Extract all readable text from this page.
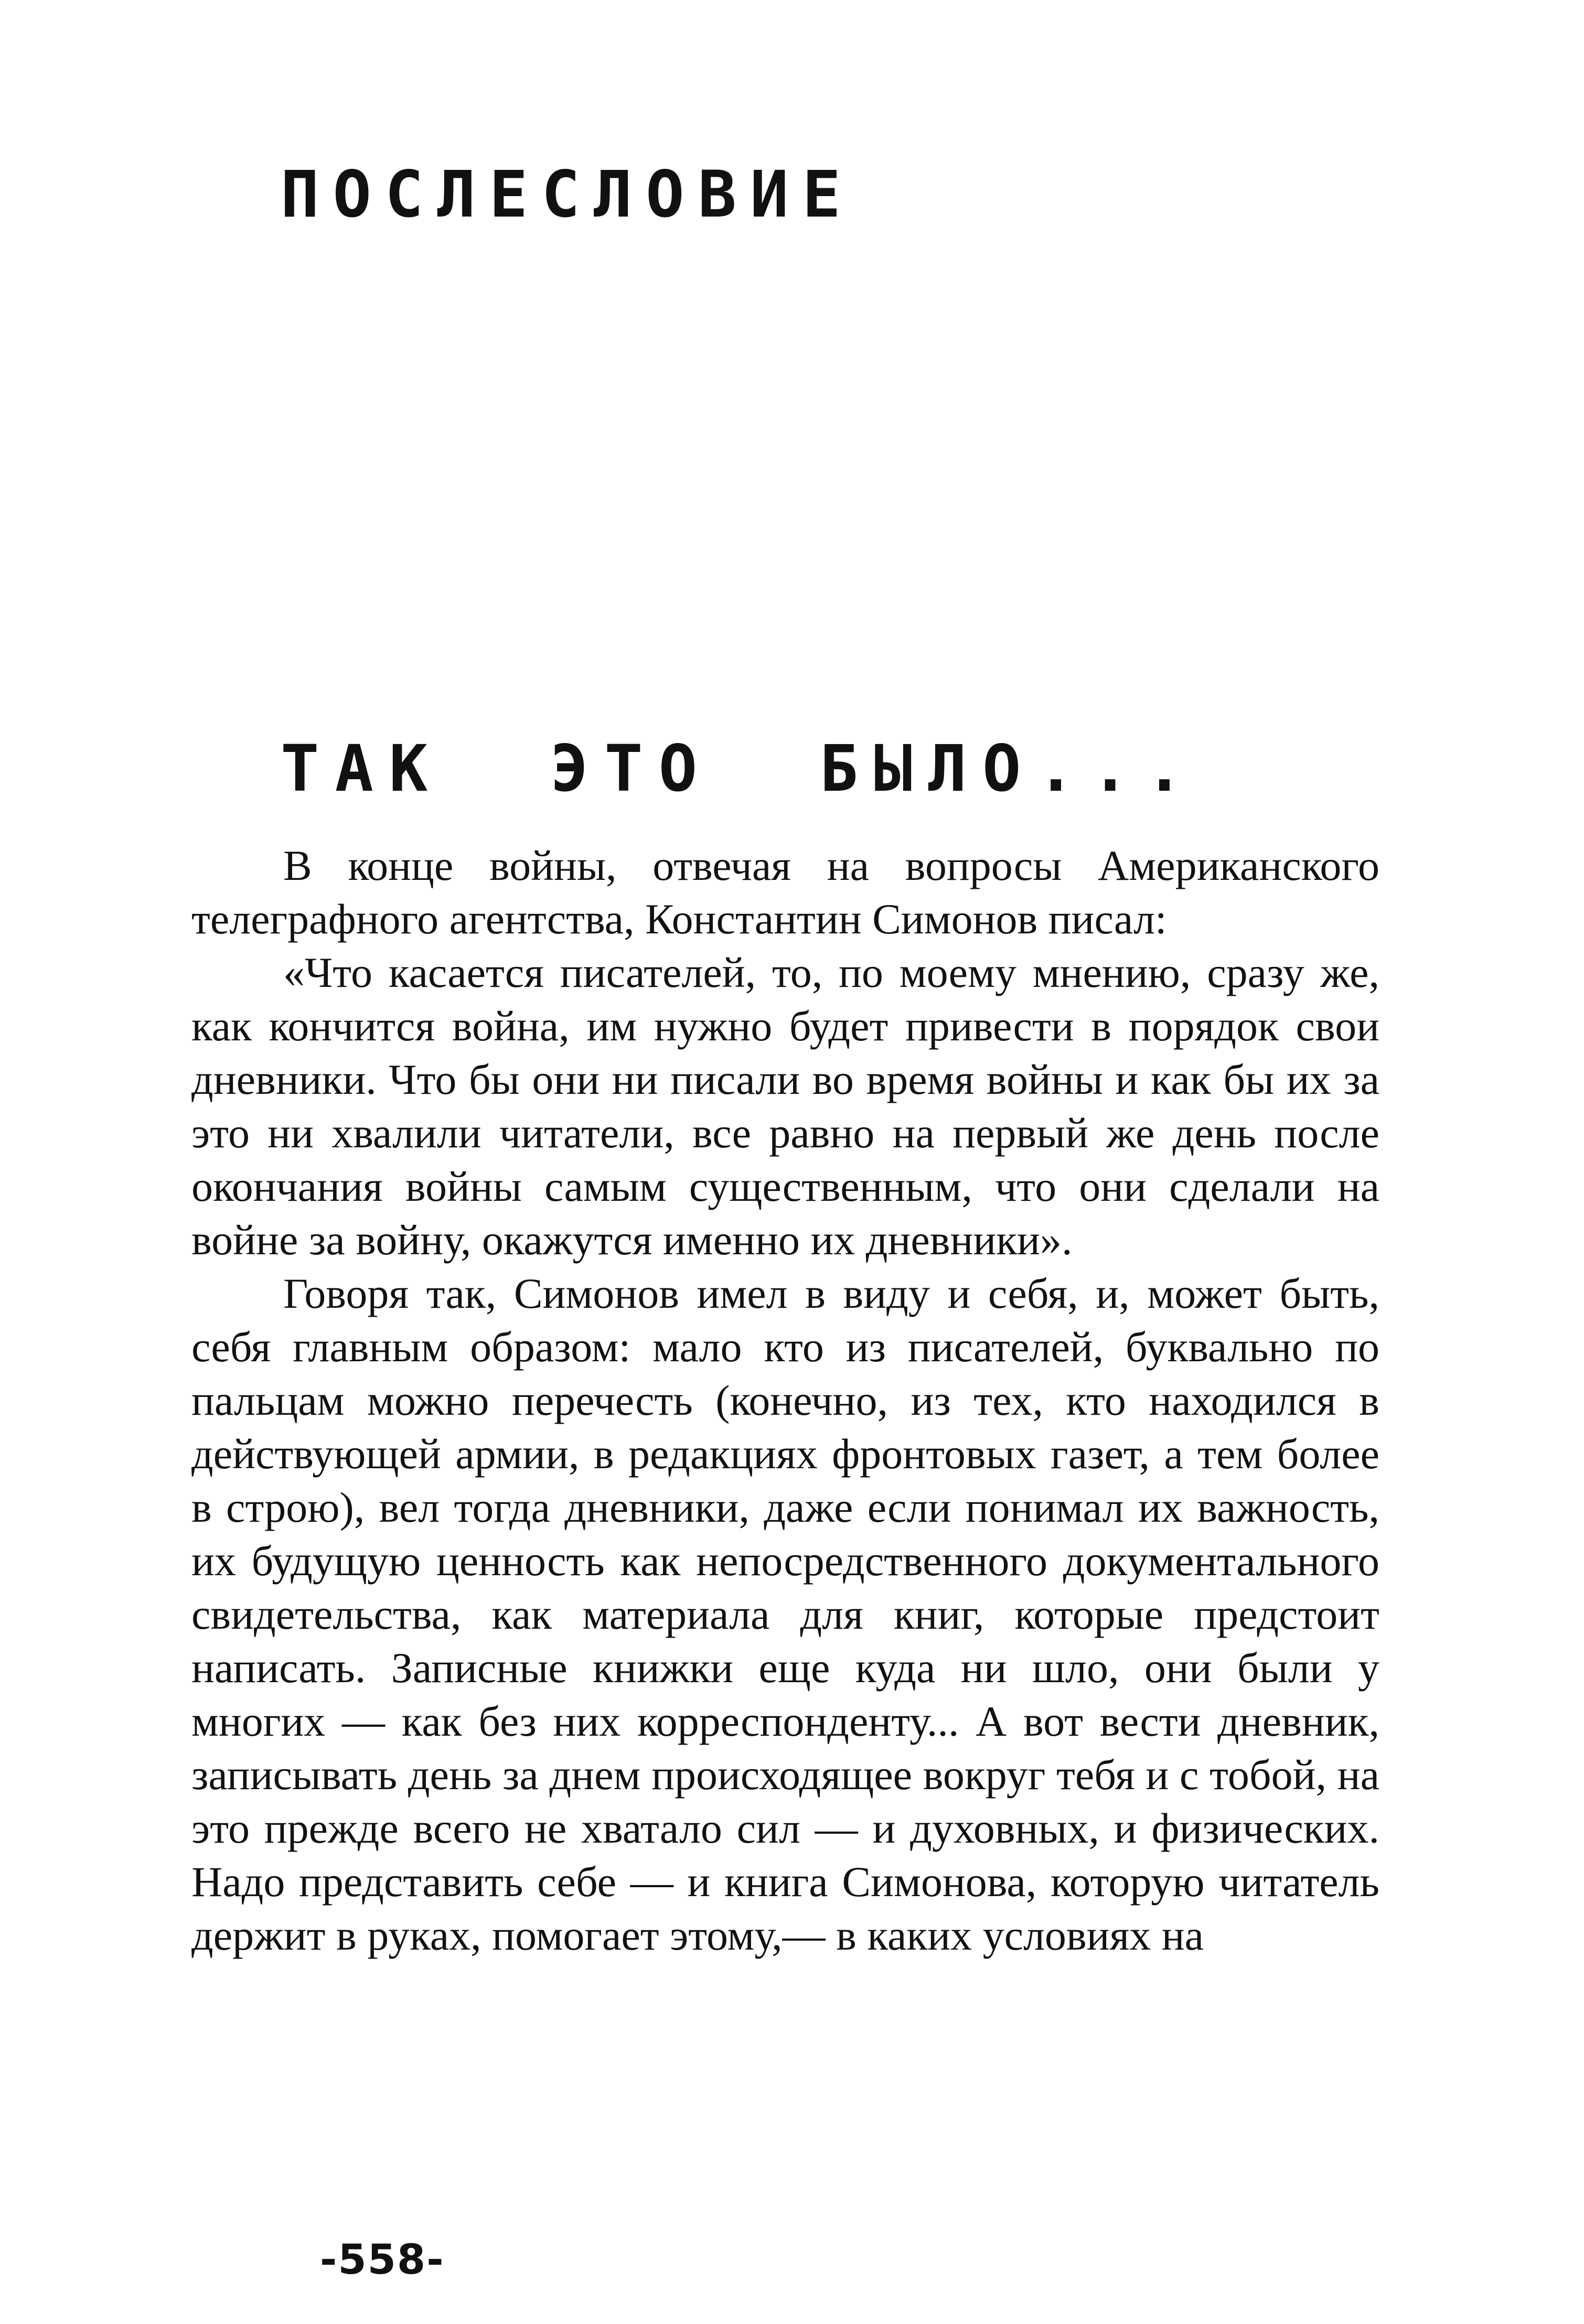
ПОСЛЕСЛОВИЕ
ТАК ЭТО БЫЛО...

В конце войны, отвечая на вопросы Американского телеграфного агентства, Константин Симонов писал:

«Что касается писателей, то, по моему мнению, сразу же, как кончится война, им нужно будет привести в порядок свои дневники. Что бы они ни писали во время войны и как бы их за это ни хвалили читатели, все равно на первый же день после окончания войны самым существенным, что они сделали на войне за войну, окажутся именно их дневники».

Говоря так, Симонов имел в виду и себя, и, может быть, себя главным образом: мало кто из писателей, буквально по пальцам можно перечесть (конечно, из тех, кто находился в действующей армии, в редакциях фронтовых газет, а тем более в строю), вел тогда дневники, даже если понимал их важность, их будущую ценность как непосредственного документального свидетельства, как материала для книг, которые предстоит написать. Записные книжки еще куда ни шло, они были у многих — как без них корреспонденту... А вот вести дневник, записывать день за днем происходящее вокруг тебя и с тобой, на это прежде всего не хватало сил — и духовных, и физических. Надо представить себе — и книга Симонова, которую читатель держит в руках, помогает этому,— в каких условиях на

-558-
